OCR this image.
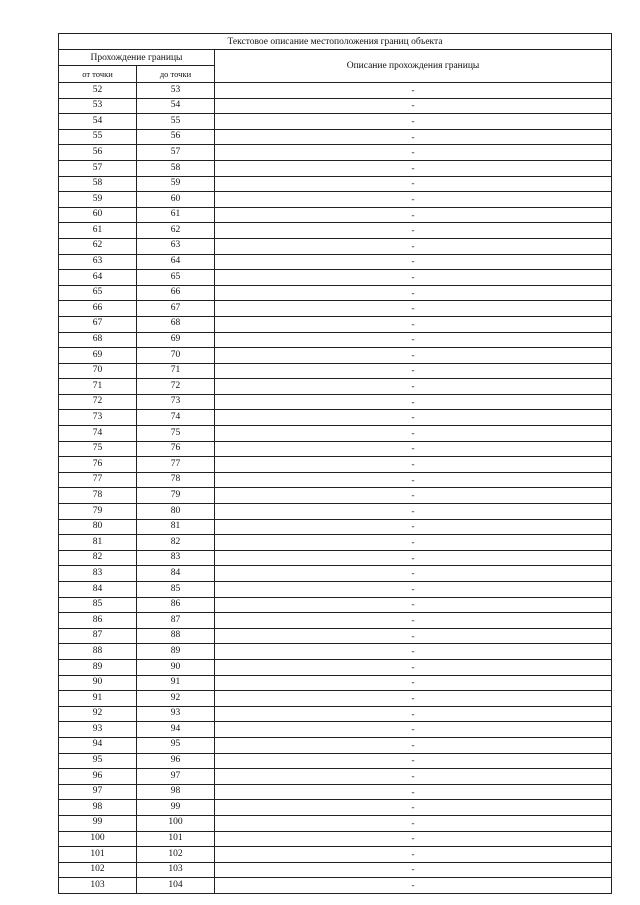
Текстовое описание местоположения границ объекта		
Прохождение границы		Описание прохождения границы
от точки	до точки	
52	53	-
53	54	-
54	55	-
55	56	-
56	57	-
57	58	-
58	59	-
59	60	-
60	61	-
61	62	-
62	63	-
63	64	-
64	65	-
65	66	-
66	67	-
67	68	-
68	69	-
69	70	-
70	71	-
71	72	-
72	73	-
73	74	-
74	75	-
75	76	-
76	77	-
77	78	-
78	79	-
79	80	-
80	81	-
81	82	-
82	83	-
83	84	-
84	85	-
85	86	-
86	87	-
87	88	-
88	89	-
89	90	-
90	91	-
91	92	-
92	93	-
93	94	-
94	95	-
95	96	-
96	97	-
97	98	-
98	99	-
99	100	-
100	101	-
101	102	-
102	103	-
103	104	-
